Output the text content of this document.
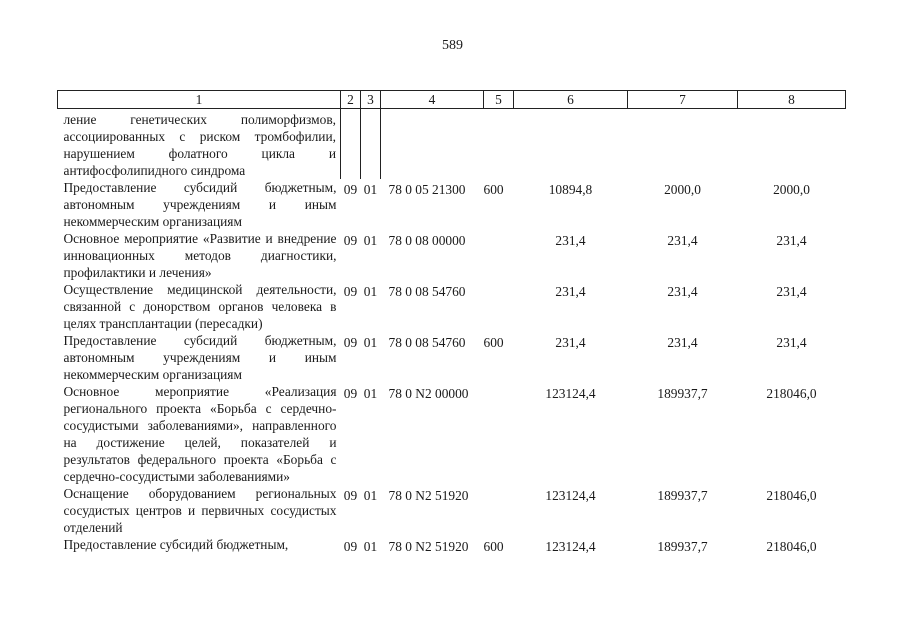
589
1	2	3	4	5	6	7	8
ление генетических полиморфизмов, ассоциированных с риском тромбофилии, нарушением фолатного цикла и антифосфолипидного синдрома							
Предоставление субсидий бюджетным, автономным учреждениям и иным некоммерческим организациям	09	01	78 0 05 21300	600	10894,8	2000,0	2000,0
Основное мероприятие «Развитие и внедрение инновационных методов диагностики, профилактики и лечения»	09	01	78 0 08 00000		231,4	231,4	231,4
Осуществление медицинской деятельности, связанной с донорством органов человека в целях трансплантации (пересадки)	09	01	78 0 08 54760		231,4	231,4	231,4
Предоставление субсидий бюджетным, автономным учреждениям и иным некоммерческим организациям	09	01	78 0 08 54760	600	231,4	231,4	231,4
Основное мероприятие «Реализация регионального проекта «Борьба с сердечно-сосудистыми заболеваниями», направленного на достижение целей, показателей и результатов федерального проекта «Борьба с сердечно-сосудистыми заболеваниями»	09	01	78 0 N2 00000		123124,4	189937,7	218046,0
Оснащение оборудованием региональных сосудистых центров и первичных сосудистых отделений	09	01	78 0 N2 51920		123124,4	189937,7	218046,0
Предоставление субсидий бюджетным,	09	01	78 0 N2 51920	600	123124,4	189937,7	218046,0
